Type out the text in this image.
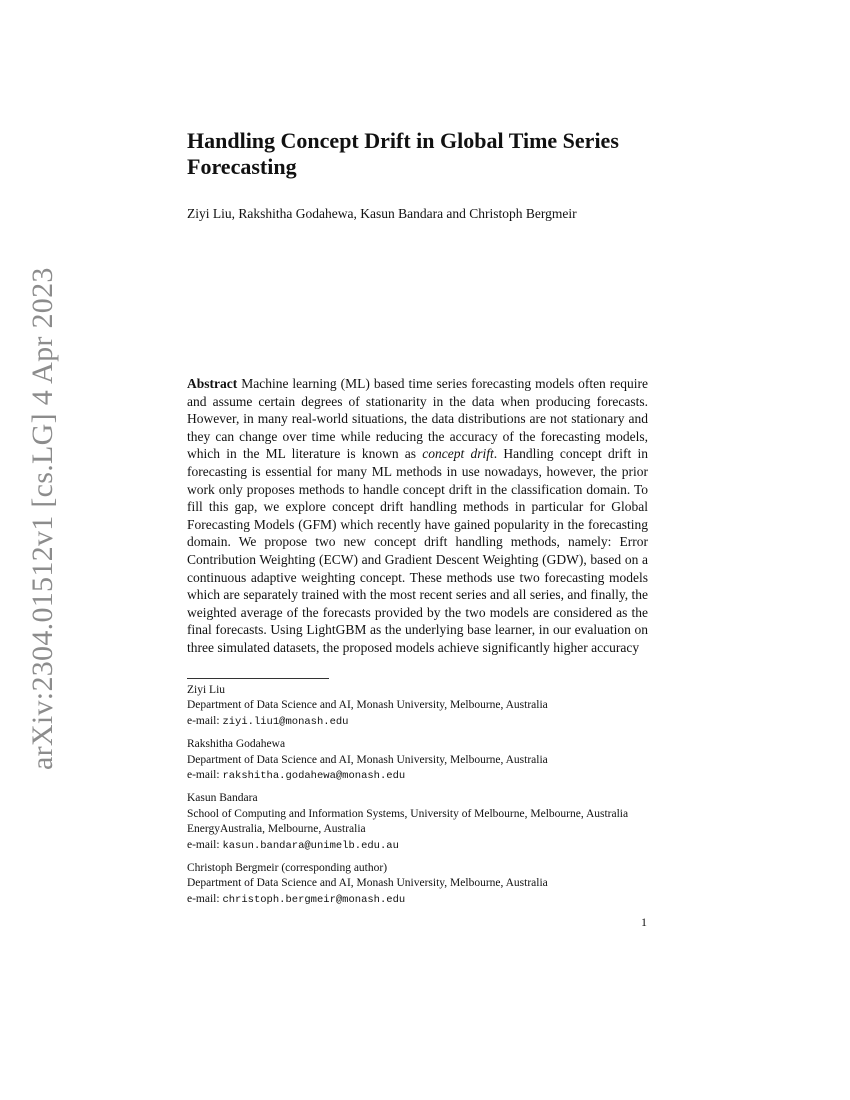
arXiv:2304.01512v1 [cs.LG] 4 Apr 2023
Handling Concept Drift in Global Time Series Forecasting
Ziyi Liu, Rakshitha Godahewa, Kasun Bandara and Christoph Bergmeir

Abstract Machine learning (ML) based time series forecasting models often require and assume certain degrees of stationarity in the data when producing forecasts. However, in many real-world situations, the data distributions are not stationary and they can change over time while reducing the accuracy of the forecasting models, which in the ML literature is known as concept drift. Handling concept drift in forecasting is essential for many ML methods in use nowadays, however, the prior work only proposes methods to handle concept drift in the classification domain. To fill this gap, we explore concept drift handling methods in particular for Global Forecasting Models (GFM) which recently have gained popularity in the forecasting domain. We propose two new concept drift handling methods, namely: Error Contribution Weighting (ECW) and Gradient Descent Weighting (GDW), based on a continuous adaptive weighting concept. These methods use two forecasting models which are separately trained with the most recent series and all series, and finally, the weighted average of the forecasts provided by the two models are considered as the final forecasts. Using LightGBM as the underlying base learner, in our evaluation on three simulated datasets, the proposed models achieve significantly higher accuracy

Ziyi Liu
Department of Data Science and AI, Monash University, Melbourne, Australia
e-mail: ziyi.liu1@monash.edu
Rakshitha Godahewa
Department of Data Science and AI, Monash University, Melbourne, Australia
e-mail: rakshitha.godahewa@monash.edu
Kasun Bandara
School of Computing and Information Systems, University of Melbourne, Melbourne, Australia
EnergyAustralia, Melbourne, Australia
e-mail: kasun.bandara@unimelb.edu.au
Christoph Bergmeir (corresponding author)
Department of Data Science and AI, Monash University, Melbourne, Australia
e-mail: christoph.bergmeir@monash.edu
1
